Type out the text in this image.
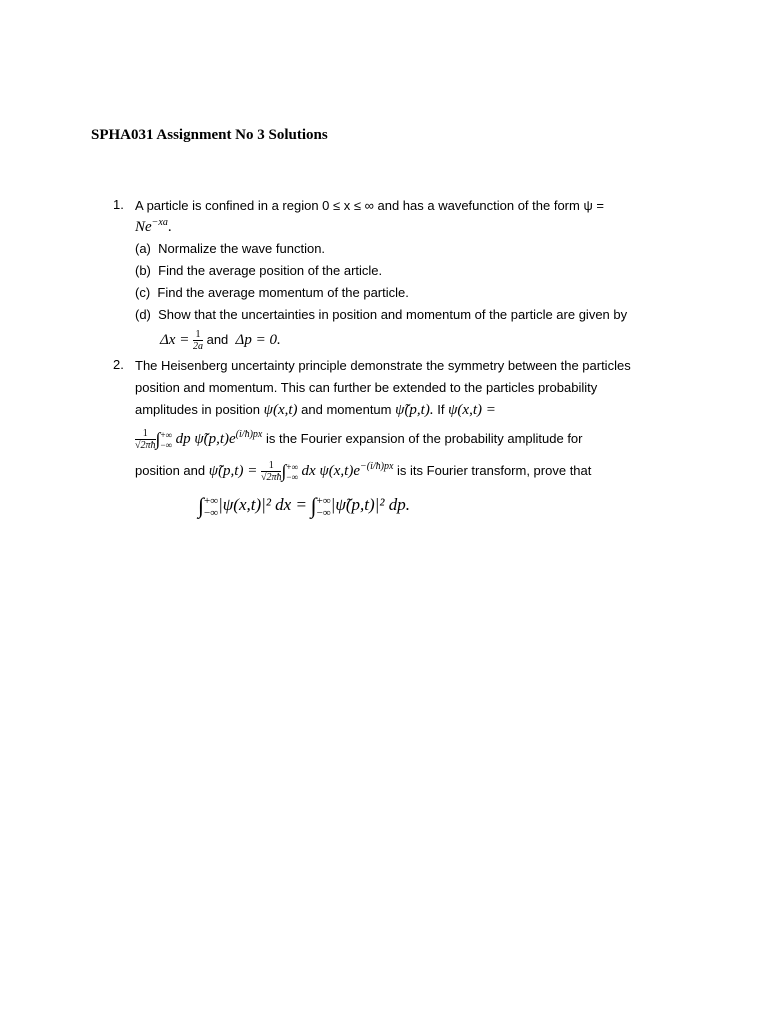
SPHA031 Assignment No 3 Solutions
1. A particle is confined in a region 0 ≤ x ≤ ∞ and has a wavefunction of the form ψ =
$Ne^{-xa}$.
(a) Normalize the wave function.
(b) Find the average position of the article.
(c) Find the average momentum of the particle.
(d) Show that the uncertainties in position and momentum of the particle are given by
$\Delta x = \frac{1}{2a}$ and Δp = 0.
2. The Heisenberg uncertainty principle demonstrate the symmetry between the particles
position and momentum. This can further be extended to the particles probability
amplitudes in position ψ(x,t) and momentum ψ̃(p,t). If ψ(x,t) =
$\frac{1}{√2\pi ħ}$ ∫ +∞
−∞ dp $\psĩ(p,t)e^{(i/ħ)px}$ is the Fourier expansion of the probability amplitude for
position and ψ̃(p,t) = $\frac{1}{√2\pi ħ}$ ∫ +∞
−∞ dx $\psi(x,t)e^{-(i/ħ)px}$ is its Fourier transform, prove that
∫ +∞
−∞ |ψ(x,t)|² dx = ∫ +∞
−∞ |ψ̃(p,t)|² dp.
